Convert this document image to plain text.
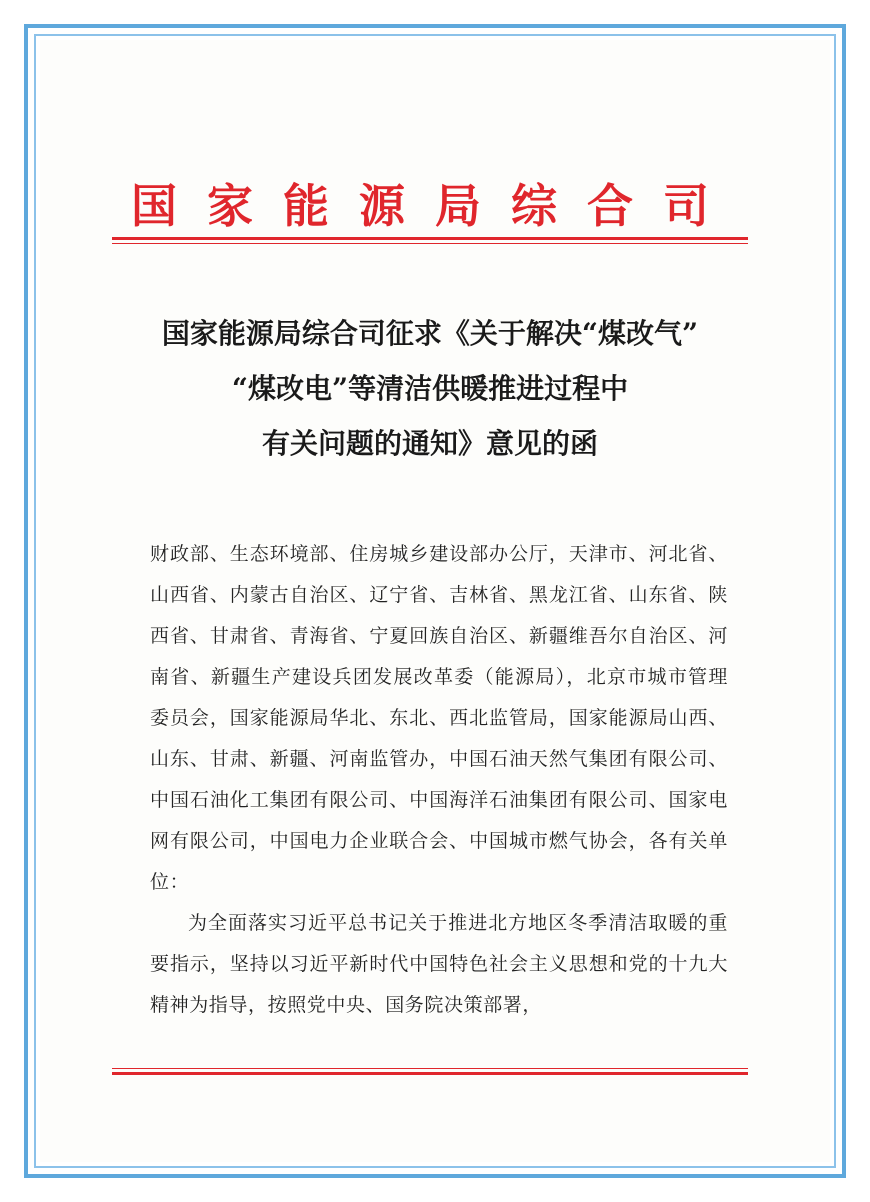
国家能源局综合司
国家能源局综合司征求《关于解决“煤改气”
“煤改电”等清洁供暖推进过程中
有关问题的通知》意见的函

财政部、生态环境部、住房城乡建设部办公厅，天津市、河北省、山西省、内蒙古自治区、辽宁省、吉林省、黑龙江省、山东省、陕西省、甘肃省、青海省、宁夏回族自治区、新疆维吾尔自治区、河南省、新疆生产建设兵团发展改革委（能源局），北京市城市管理委员会，国家能源局华北、东北、西北监管局，国家能源局山西、山东、甘肃、新疆、河南监管办，中国石油天然气集团有限公司、中国石油化工集团有限公司、中国海洋石油集团有限公司、国家电网有限公司，中国电力企业联合会、中国城市燃气协会，各有关单位：

为全面落实习近平总书记关于推进北方地区冬季清洁取暖的重要指示，坚持以习近平新时代中国特色社会主义思想和党的十九大精神为指导，按照党中央、国务院决策部署，
